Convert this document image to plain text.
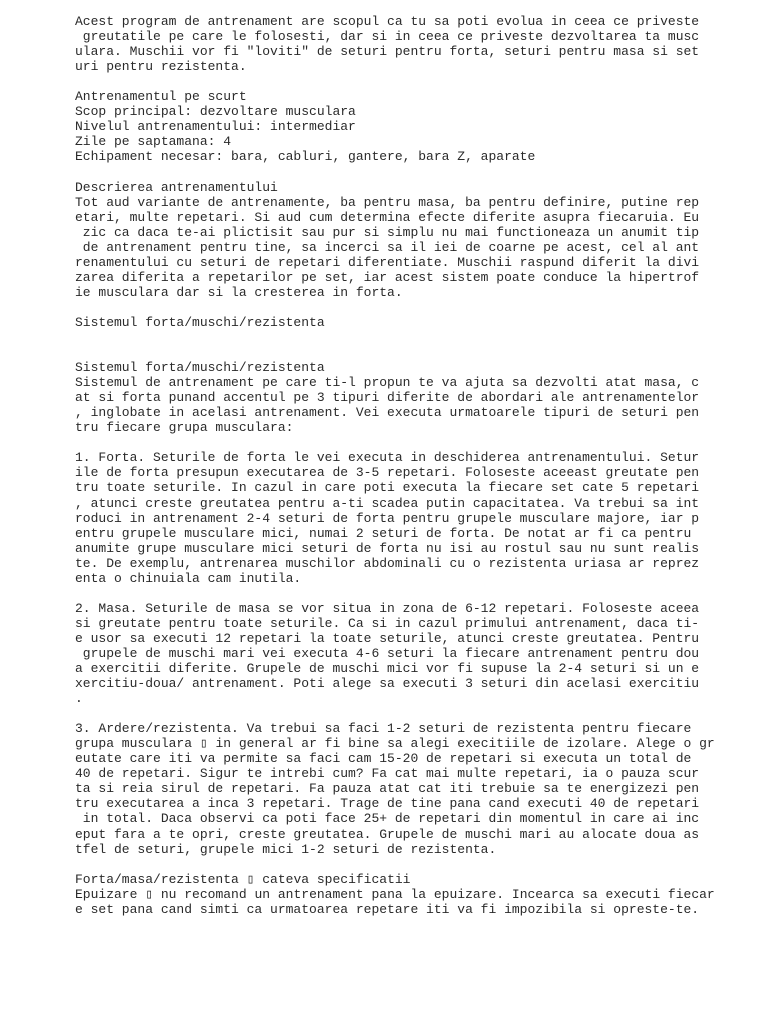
Acest program de antrenament are scopul ca tu sa poti evolua in ceea ce priveste
greutatile pe care le folosesti, dar si in ceea ce priveste dezvoltarea ta musc
ulara. Muschii vor fi "loviti" de seturi pentru forta, seturi pentru masa si set
uri pentru rezistenta.
Antrenamentul pe scurt
Scop principal: dezvoltare musculara
Nivelul antrenamentului: intermediar
Zile pe saptamana: 4
Echipament necesar: bara, cabluri, gantere, bara Z, aparate
Descrierea antrenamentului
Tot aud variante de antrenamente, ba pentru masa, ba pentru definire, putine rep
etari, multe repetari. Si aud cum determina efecte diferite asupra fiecaruia. Eu
zic ca daca te-ai plictisit sau pur si simplu nu mai functioneaza un anumit tip
de antrenament pentru tine, sa incerci sa il iei de coarne pe acest, cel al ant
renamentului cu seturi de repetari diferentiate. Muschii raspund diferit la divi
zarea diferita a repetarilor pe set, iar acest sistem poate conduce la hipertrof
ie musculara dar si la cresterea in forta.
Sistemul forta/muschi/rezistenta
Sistemul forta/muschi/rezistenta
Sistemul de antrenament pe care ti-l propun te va ajuta sa dezvolti atat masa, c
at si forta punand accentul pe 3 tipuri diferite de abordari ale antrenamentelor
, inglobate in acelasi antrenament. Vei executa urmatoarele tipuri de seturi pen
tru fiecare grupa musculara:
1. Forta. Seturile de forta le vei executa in deschiderea antrenamentului. Setur
ile de forta presupun executarea de 3-5 repetari. Foloseste aceeast greutate pen
tru toate seturile. In cazul in care poti executa la fiecare set cate 5 repetari
, atunci creste greutatea pentru a-ti scadea putin capacitatea. Va trebui sa int
roduci in antrenament 2-4 seturi de forta pentru grupele musculare majore, iar p
entru grupele musculare mici, numai 2 seturi de forta. De notat ar fi ca pentru
anumite grupe musculare mici seturi de forta nu isi au rostul sau nu sunt realis
te. De exemplu, antrenarea muschilor abdominali cu o rezistenta uriasa ar reprez
enta o chinuiala cam inutila.
2. Masa. Seturile de masa se vor situa in zona de 6-12 repetari. Foloseste aceea
si greutate pentru toate seturile. Ca si in cazul primului antrenament, daca ti-
e usor sa executi 12 repetari la toate seturile, atunci creste greutatea. Pentru
grupele de muschi mari vei executa 4-6 seturi la fiecare antrenament pentru dou
a exercitii diferite. Grupele de muschi mici vor fi supuse la 2-4 seturi si un e
xercitiu-doua/ antrenament. Poti alege sa executi 3 seturi din acelasi exercitiu
.
3. Ardere/rezistenta. Va trebui sa faci 1-2 seturi de rezistenta pentru fiecare
grupa musculara ▯ in general ar fi bine sa alegi execitiile de izolare. Alege o gr
eutate care iti va permite sa faci cam 15-20 de repetari si executa un total de
40 de repetari. Sigur te intrebi cum? Fa cat mai multe repetari, ia o pauza scur
ta si reia sirul de repetari. Fa pauza atat cat iti trebuie sa te energizezi pen
tru executarea a inca 3 repetari. Trage de tine pana cand executi 40 de repetari
in total. Daca observi ca poti face 25+ de repetari din momentul in care ai inc
eput fara a te opri, creste greutatea. Grupele de muschi mari au alocate doua as
tfel de seturi, grupele mici 1-2 seturi de rezistenta.
Forta/masa/rezistenta ▯ cateva specificatii
Epuizare ▯ nu recomand un antrenament pana la epuizare. Incearca sa executi fiecar
e set pana cand simti ca urmatoarea repetare iti va fi impozibila si opreste-te.
